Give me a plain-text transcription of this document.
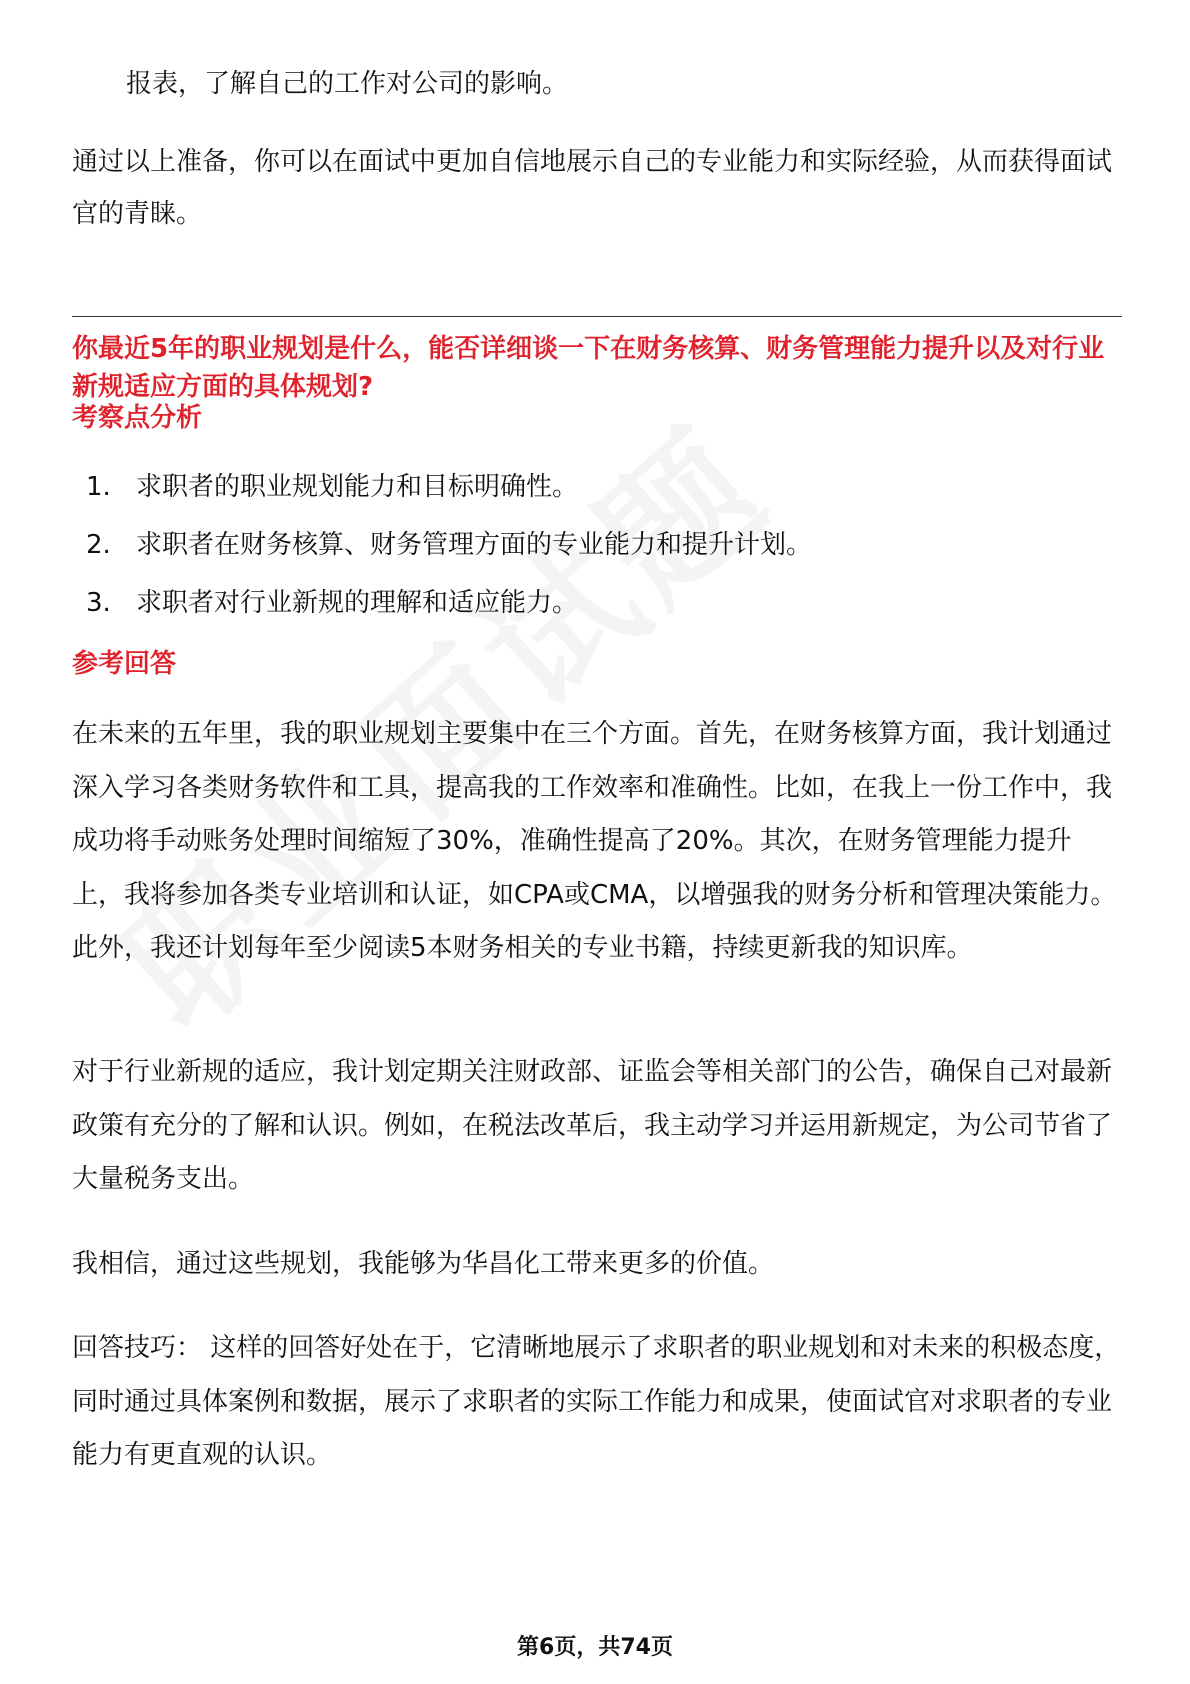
报表，了解自己的工作对公司的影响。

通过以上准备，你可以在面试中更加自信地展示自己的专业能力和实际经验，从而获得面试官的青睐。

你最近5年的职业规划是什么，能否详细谈一下在财务核算、财务管理能力提升以及对行业新规适应方面的具体规划?

考察点分析

1. 求职者的职业规划能力和目标明确性。
2. 求职者在财务核算、财务管理方面的专业能力和提升计划。
3. 求职者对行业新规的理解和适应能力。

参考回答

在未来的五年里，我的职业规划主要集中在三个方面。首先，在财务核算方面，我计划通过深入学习各类财务软件和工具，提高我的工作效率和准确性。比如，在我上一份工作中，我成功将手动账务处理时间缩短了30%，准确性提高了20%。其次，在财务管理能力提升上，我将参加各类专业培训和认证，如CPA或CMA，以增强我的财务分析和管理决策能力。此外，我还计划每年至少阅读5本财务相关的专业书籍，持续更新我的知识库。

对于行业新规的适应，我计划定期关注财政部、证监会等相关部门的公告，确保自己对最新政策有充分的了解和认识。例如，在税法改革后，我主动学习并运用新规定，为公司节省了大量税务支出。

我相信，通过这些规划，我能够为华昌化工带来更多的价值。

回答技巧： 这样的回答好处在于，它清晰地展示了求职者的职业规划和对未来的积极态度，同时通过具体案例和数据，展示了求职者的实际工作能力和成果，使面试官对求职者的专业能力有更直观的认识。

第6页，共74页
